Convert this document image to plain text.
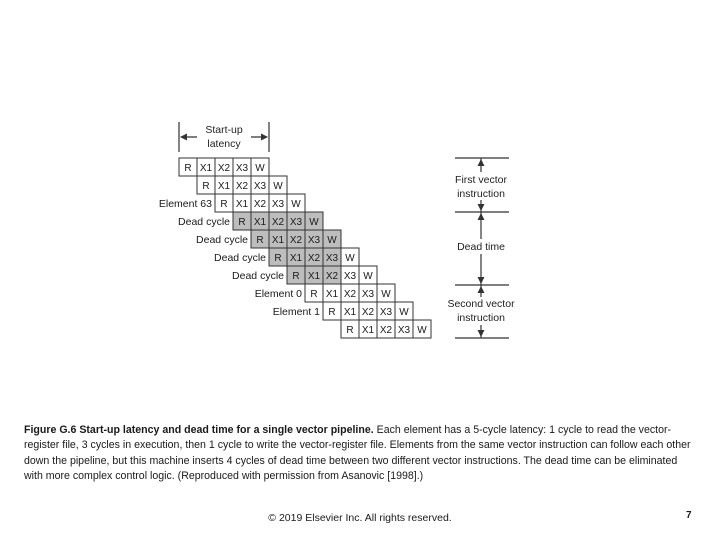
Start-up
latency
R X1 X2 X3 W
R X1 X2 X3 W
R X1 X2 X3 W
R X1 X2 X3 W
R X1 X2 X3 W
R X1 X2 X3 W
R X1 X2 X3 W
R X1 X2 X3 W
R X1 X2 X3 W
R X1 X2 X3 W
Element 63
Dead cycle
Dead cycle
Dead cycle
Dead cycle
Element 0
Element 1
First vector
instruction
Dead time
Second vector
instruction
Figure G.6 Start-up latency and dead time for a single vector pipeline. Each element has a 5-cycle latency: 1 cycle to read the vector-register file, 3 cycles in execution, then 1 cycle to write the vector-register file. Elements from the same vector instruction can follow each other down the pipeline, but this machine inserts 4 cycles of dead time between two different vector instructions. The dead time can be eliminated with more complex control logic. (Reproduced with permission from Asanovic [1998].)
© 2019 Elsevier Inc. All rights reserved.	7
